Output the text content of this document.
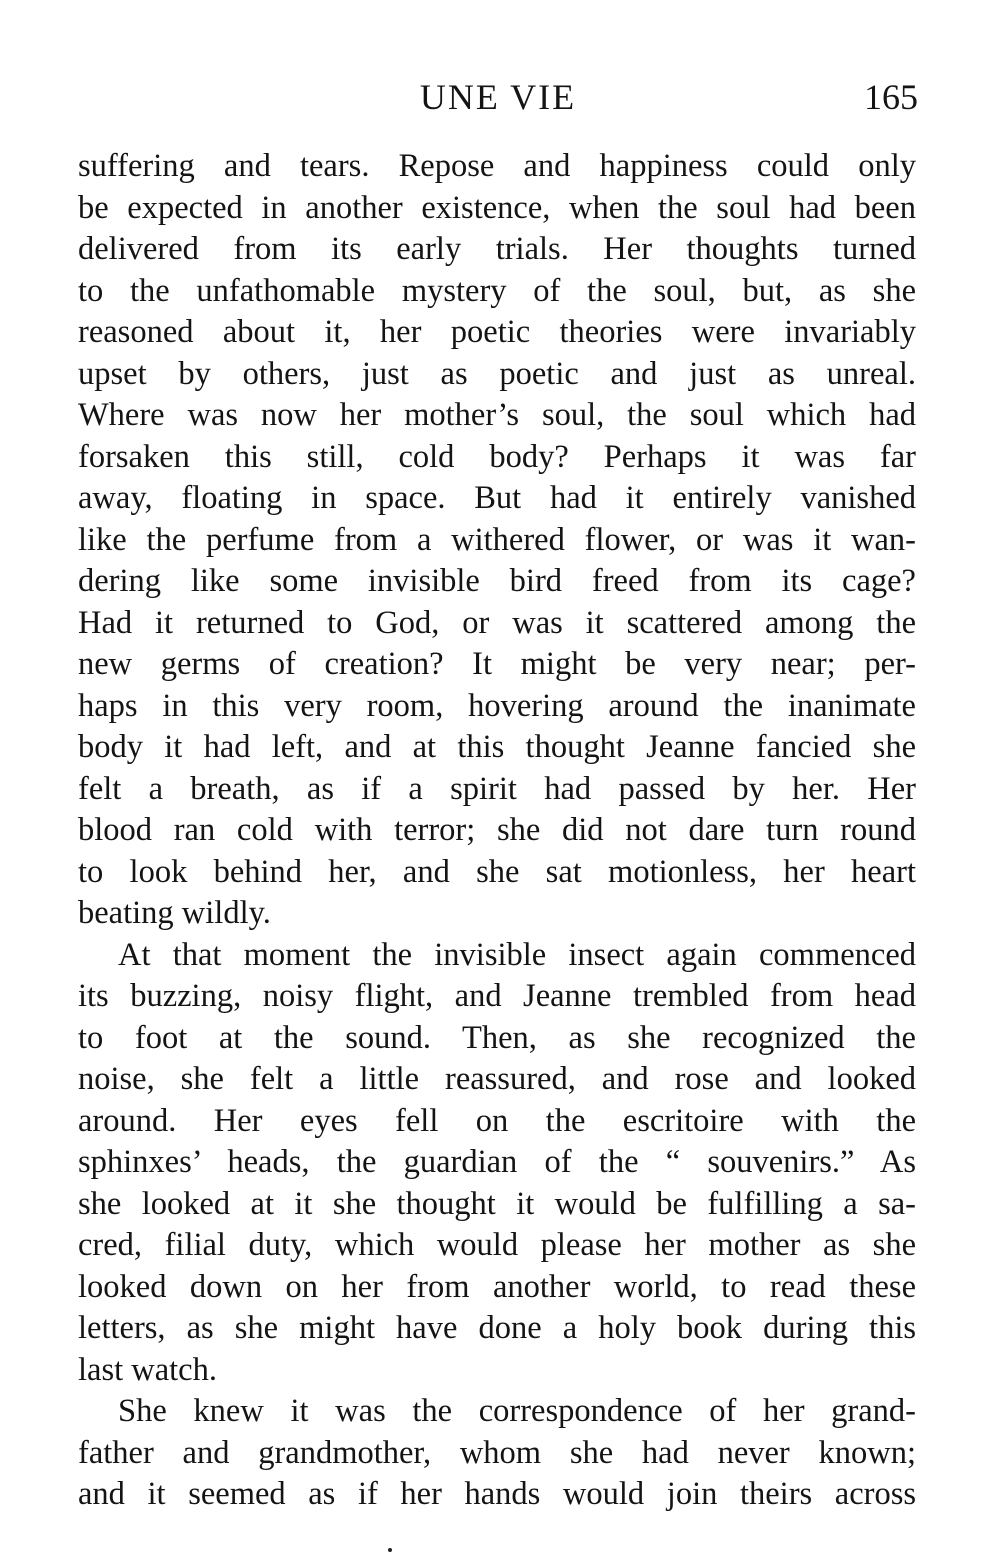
UNE VIE	165
suffering and tears. Repose and happiness could only
be expected in another existence, when the soul had been
delivered from its early trials. Her thoughts turned
to the unfathomable mystery of the soul, but, as she
reasoned about it, her poetic theories were invariably
upset by others, just as poetic and just as unreal.
Where was now her mother’s soul, the soul which had
forsaken this still, cold body? Perhaps it was far
away, floating in space. But had it entirely vanished
like the perfume from a withered flower, or was it wan-
dering like some invisible bird freed from its cage?
Had it returned to God, or was it scattered among the
new germs of creation? It might be very near; per-
haps in this very room, hovering around the inanimate
body it had left, and at this thought Jeanne fancied she
felt a breath, as if a spirit had passed by her. Her
blood ran cold with terror; she did not dare turn round
to look behind her, and she sat motionless, her heart
beating wildly.
At that moment the invisible insect again commenced
its buzzing, noisy flight, and Jeanne trembled from head
to foot at the sound. Then, as she recognized the
noise, she felt a little reassured, and rose and looked
around. Her eyes fell on the escritoire with the
sphinxes’ heads, the guardian of the “ souvenirs.” As
she looked at it she thought it would be fulfilling a sa-
cred, filial duty, which would please her mother as she
looked down on her from another world, to read these
letters, as she might have done a holy book during this
last watch.
She knew it was the correspondence of her grand-
father and grandmother, whom she had never known;
and it seemed as if her hands would join theirs across
